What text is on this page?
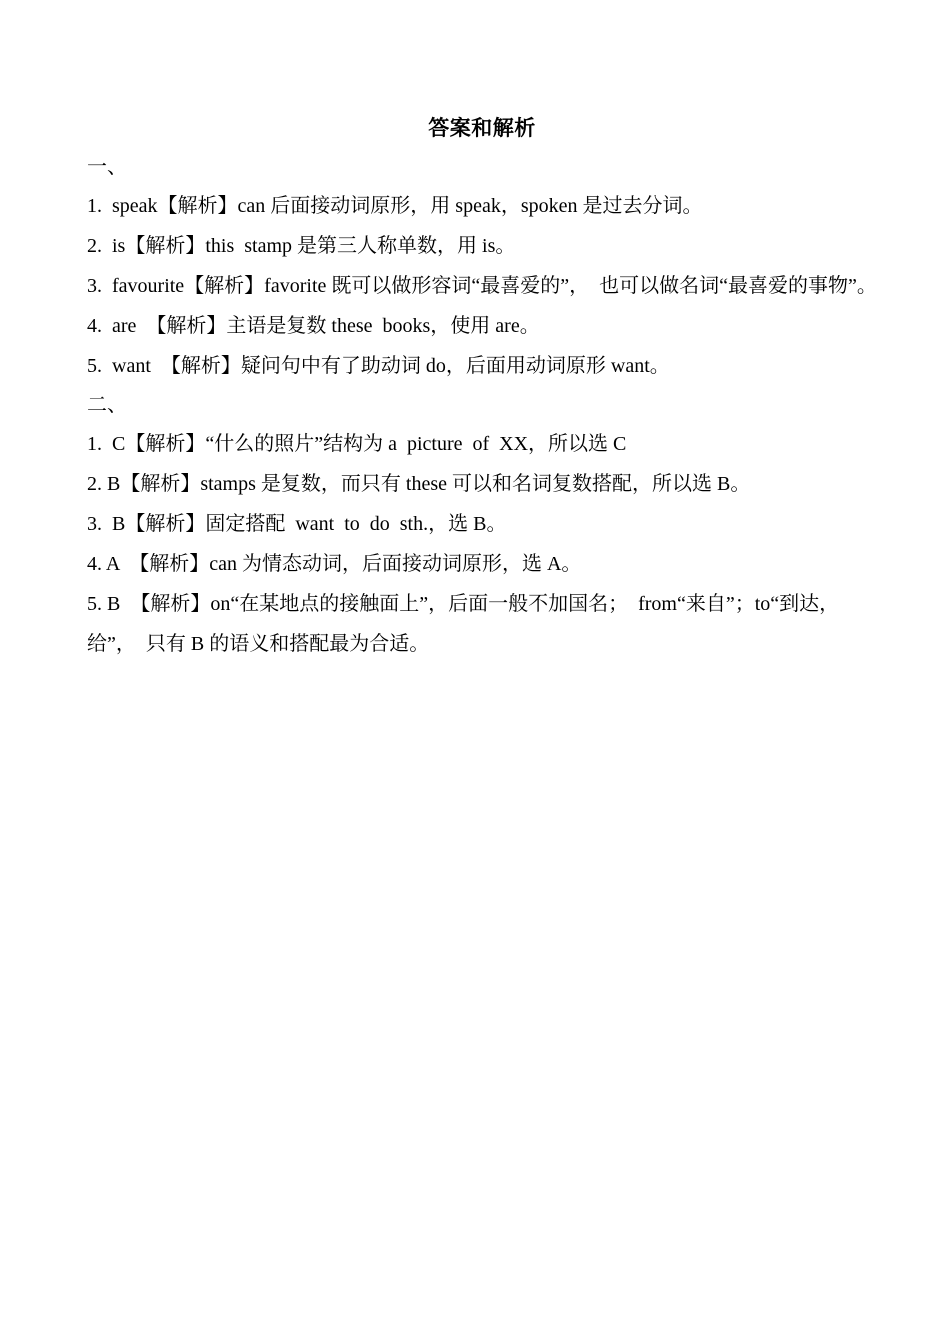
答案和解析
一、
1.  speak【解析】can 后面接动词原形，用 speak，spoken 是过去分词。
2.  is【解析】this  stamp 是第三人称单数，用 is。
3.  favourite【解析】favorite 既可以做形容词“最喜爱的”，  也可以做名词“最喜爱的事物”。
4.  are  【解析】主语是复数 these  books，使用 are。
5.  want  【解析】疑问句中有了助动词 do，后面用动词原形 want。
二、
1.  C【解析】“什么的照片”结构为 a  picture  of  XX，所以选 C
2. B【解析】stamps 是复数，而只有 these 可以和名词复数搭配，所以选 B。
3.  B【解析】固定搭配  want  to  do  sth.，选 B。
4. A  【解析】can 为情态动词，后面接动词原形，选 A。
5. B  【解析】on“在某地点的接触面上”，后面一般不加国名；  from“来自”；to“到达，给”，  只有 B 的语义和搭配最为合适。
